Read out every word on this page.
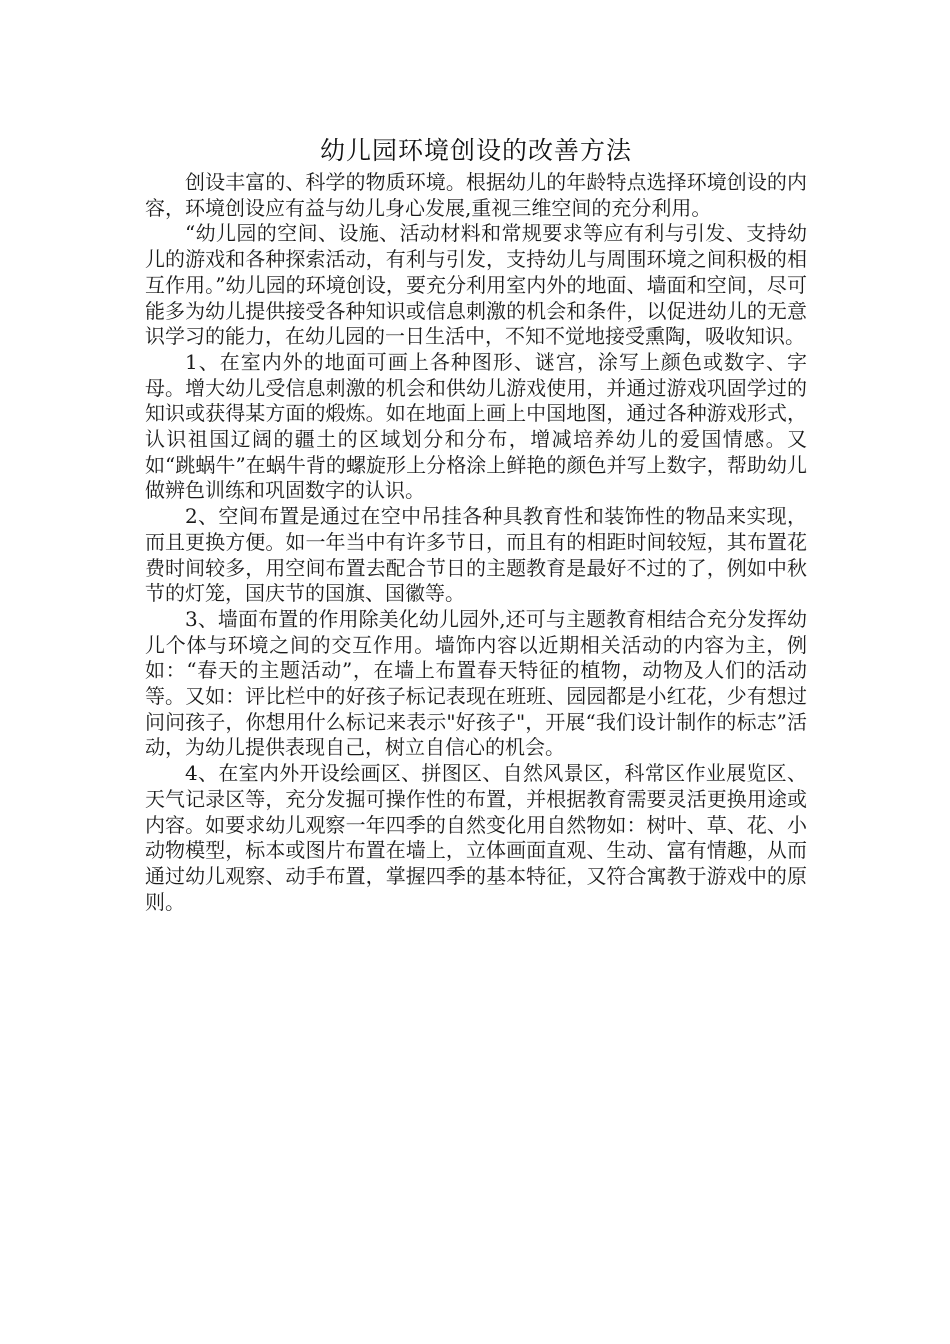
幼儿园环境创设的改善方法

创设丰富的、科学的物质环境。根据幼儿的年龄特点选择环境创设的内容，环境创设应有益与幼儿身心发展,重视三维空间的充分利用。

“幼儿园的空间、设施、活动材料和常规要求等应有利与引发、支持幼儿的游戏和各种探索活动，有利与引发，支持幼儿与周围环境之间积极的相互作用。”幼儿园的环境创设，要充分利用室内外的地面、墙面和空间，尽可能多为幼儿提供接受各种知识或信息刺激的机会和条件，以促进幼儿的无意识学习的能力，在幼儿园的一日生活中，不知不觉地接受熏陶，吸收知识。

1、在室内外的地面可画上各种图形、谜宫，涂写上颜色或数字、字母。增大幼儿受信息刺激的机会和供幼儿游戏使用，并通过游戏巩固学过的知识或获得某方面的煅炼。如在地面上画上中国地图，通过各种游戏形式，认识祖国辽阔的疆土的区域划分和分布，增减培养幼儿的爱国情感。又如“跳蜗牛”在蜗牛背的螺旋形上分格涂上鲜艳的颜色并写上数字，帮助幼儿做辨色训练和巩固数字的认识。

2、空间布置是通过在空中吊挂各种具教育性和装饰性的物品来实现，而且更换方便。如一年当中有许多节日，而且有的相距时间较短，其布置花费时间较多，用空间布置去配合节日的主题教育是最好不过的了，例如中秋节的灯笼，国庆节的国旗、国徽等。

3、墙面布置的作用除美化幼儿园外,还可与主题教育相结合充分发挥幼儿个体与环境之间的交互作用。墙饰内容以近期相关活动的内容为主，例如：“春天的主题活动”，在墙上布置春天特征的植物，动物及人们的活动等。又如：评比栏中的好孩子标记表现在班班、园园都是小红花，少有想过问问孩子，你想用什么标记来表示"好孩子"，开展“我们设计制作的标志”活动，为幼儿提供表现自己，树立自信心的机会。

4、在室内外开设绘画区、拼图区、自然风景区，科常区作业展览区、天气记录区等，充分发掘可操作性的布置，并根据教育需要灵活更换用途或内容。如要求幼儿观察一年四季的自然变化用自然物如：树叶、草、花、小动物模型，标本或图片布置在墙上，立体画面直观、生动、富有情趣，从而通过幼儿观察、动手布置，掌握四季的基本特征，又符合寓教于游戏中的原则。
